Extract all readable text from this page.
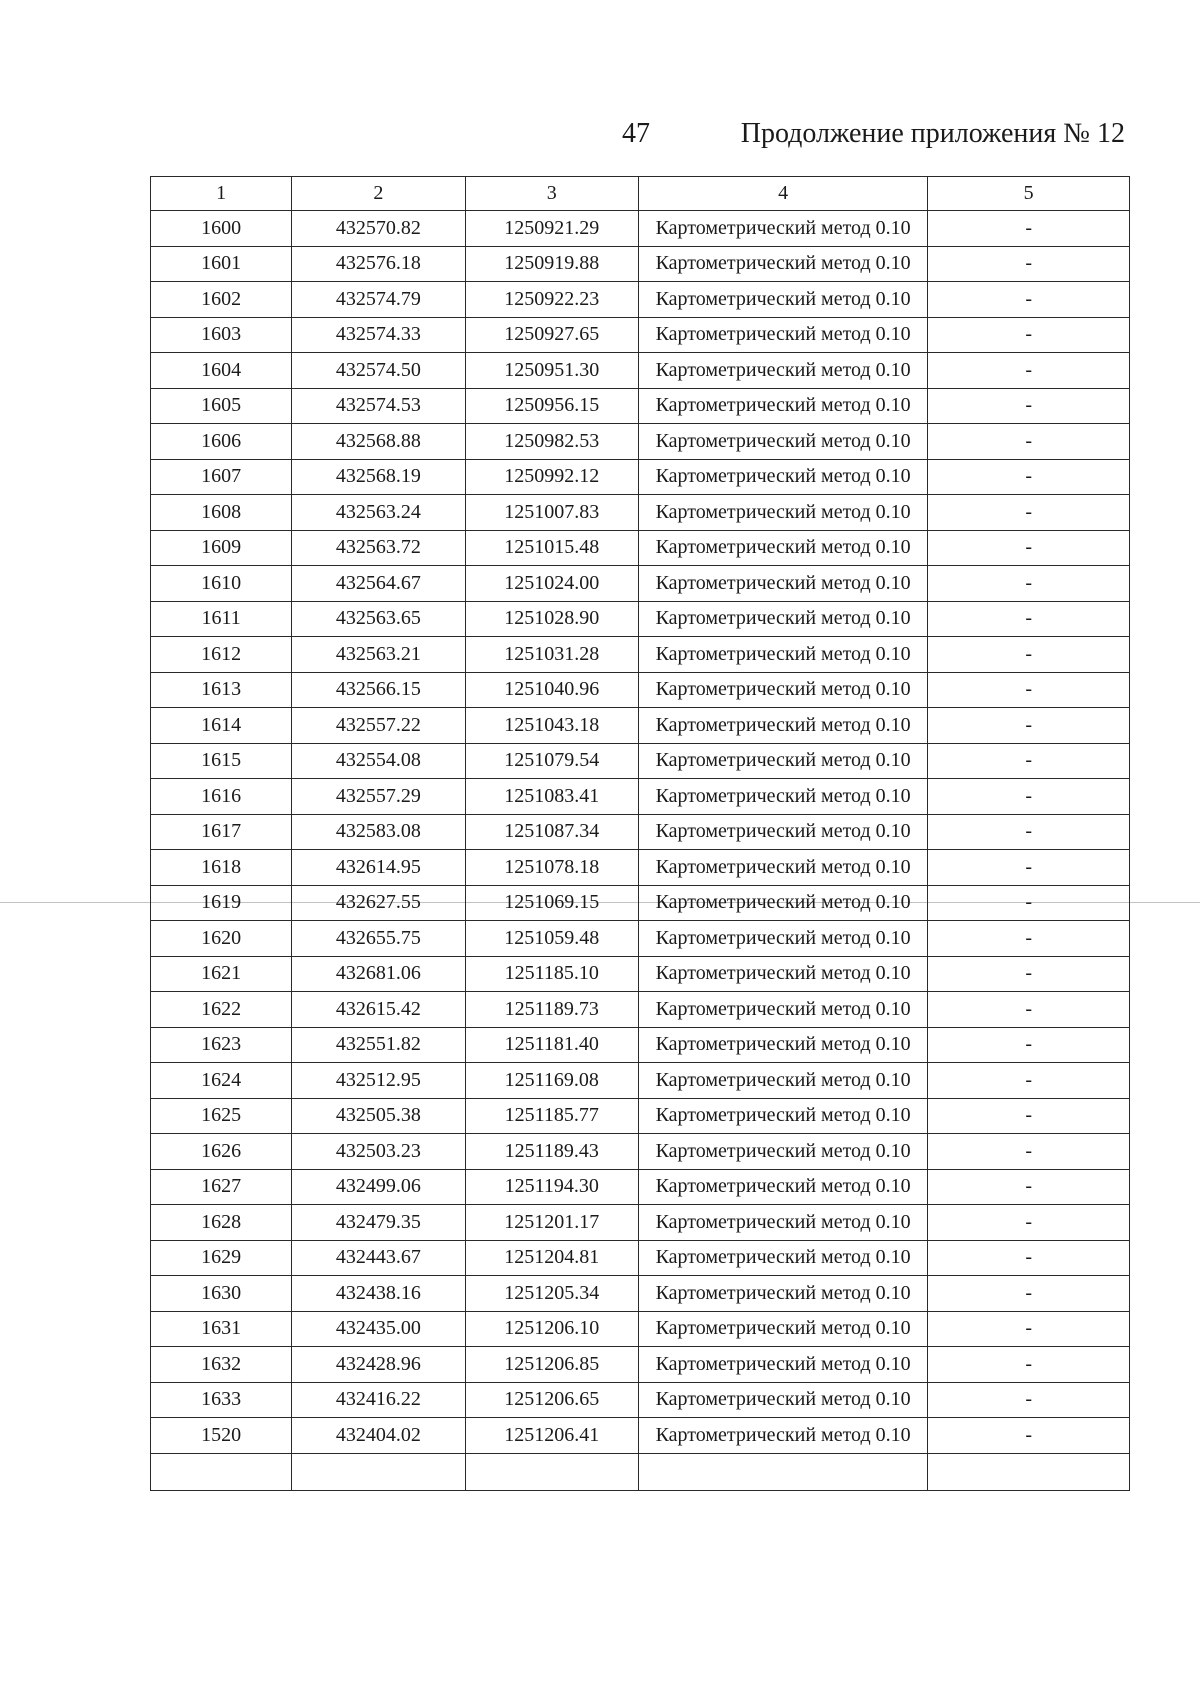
47	Продолжение приложения № 12
1	2	3	4	5
1600	432570.82	1250921.29	Картометрический метод 0.10	-
1601	432576.18	1250919.88	Картометрический метод 0.10	-
1602	432574.79	1250922.23	Картометрический метод 0.10	-
1603	432574.33	1250927.65	Картометрический метод 0.10	-
1604	432574.50	1250951.30	Картометрический метод 0.10	-
1605	432574.53	1250956.15	Картометрический метод 0.10	-
1606	432568.88	1250982.53	Картометрический метод 0.10	-
1607	432568.19	1250992.12	Картометрический метод 0.10	-
1608	432563.24	1251007.83	Картометрический метод 0.10	-
1609	432563.72	1251015.48	Картометрический метод 0.10	-
1610	432564.67	1251024.00	Картометрический метод 0.10	-
1611	432563.65	1251028.90	Картометрический метод 0.10	-
1612	432563.21	1251031.28	Картометрический метод 0.10	-
1613	432566.15	1251040.96	Картометрический метод 0.10	-
1614	432557.22	1251043.18	Картометрический метод 0.10	-
1615	432554.08	1251079.54	Картометрический метод 0.10	-
1616	432557.29	1251083.41	Картометрический метод 0.10	-
1617	432583.08	1251087.34	Картометрический метод 0.10	-
1618	432614.95	1251078.18	Картометрический метод 0.10	-
1619	432627.55	1251069.15	Картометрический метод 0.10	-
1620	432655.75	1251059.48	Картометрический метод 0.10	-
1621	432681.06	1251185.10	Картометрический метод 0.10	-
1622	432615.42	1251189.73	Картометрический метод 0.10	-
1623	432551.82	1251181.40	Картометрический метод 0.10	-
1624	432512.95	1251169.08	Картометрический метод 0.10	-
1625	432505.38	1251185.77	Картометрический метод 0.10	-
1626	432503.23	1251189.43	Картометрический метод 0.10	-
1627	432499.06	1251194.30	Картометрический метод 0.10	-
1628	432479.35	1251201.17	Картометрический метод 0.10	-
1629	432443.67	1251204.81	Картометрический метод 0.10	-
1630	432438.16	1251205.34	Картометрический метод 0.10	-
1631	432435.00	1251206.10	Картометрический метод 0.10	-
1632	432428.96	1251206.85	Картометрический метод 0.10	-
1633	432416.22	1251206.65	Картометрический метод 0.10	-
1520	432404.02	1251206.41	Картометрический метод 0.10	-
